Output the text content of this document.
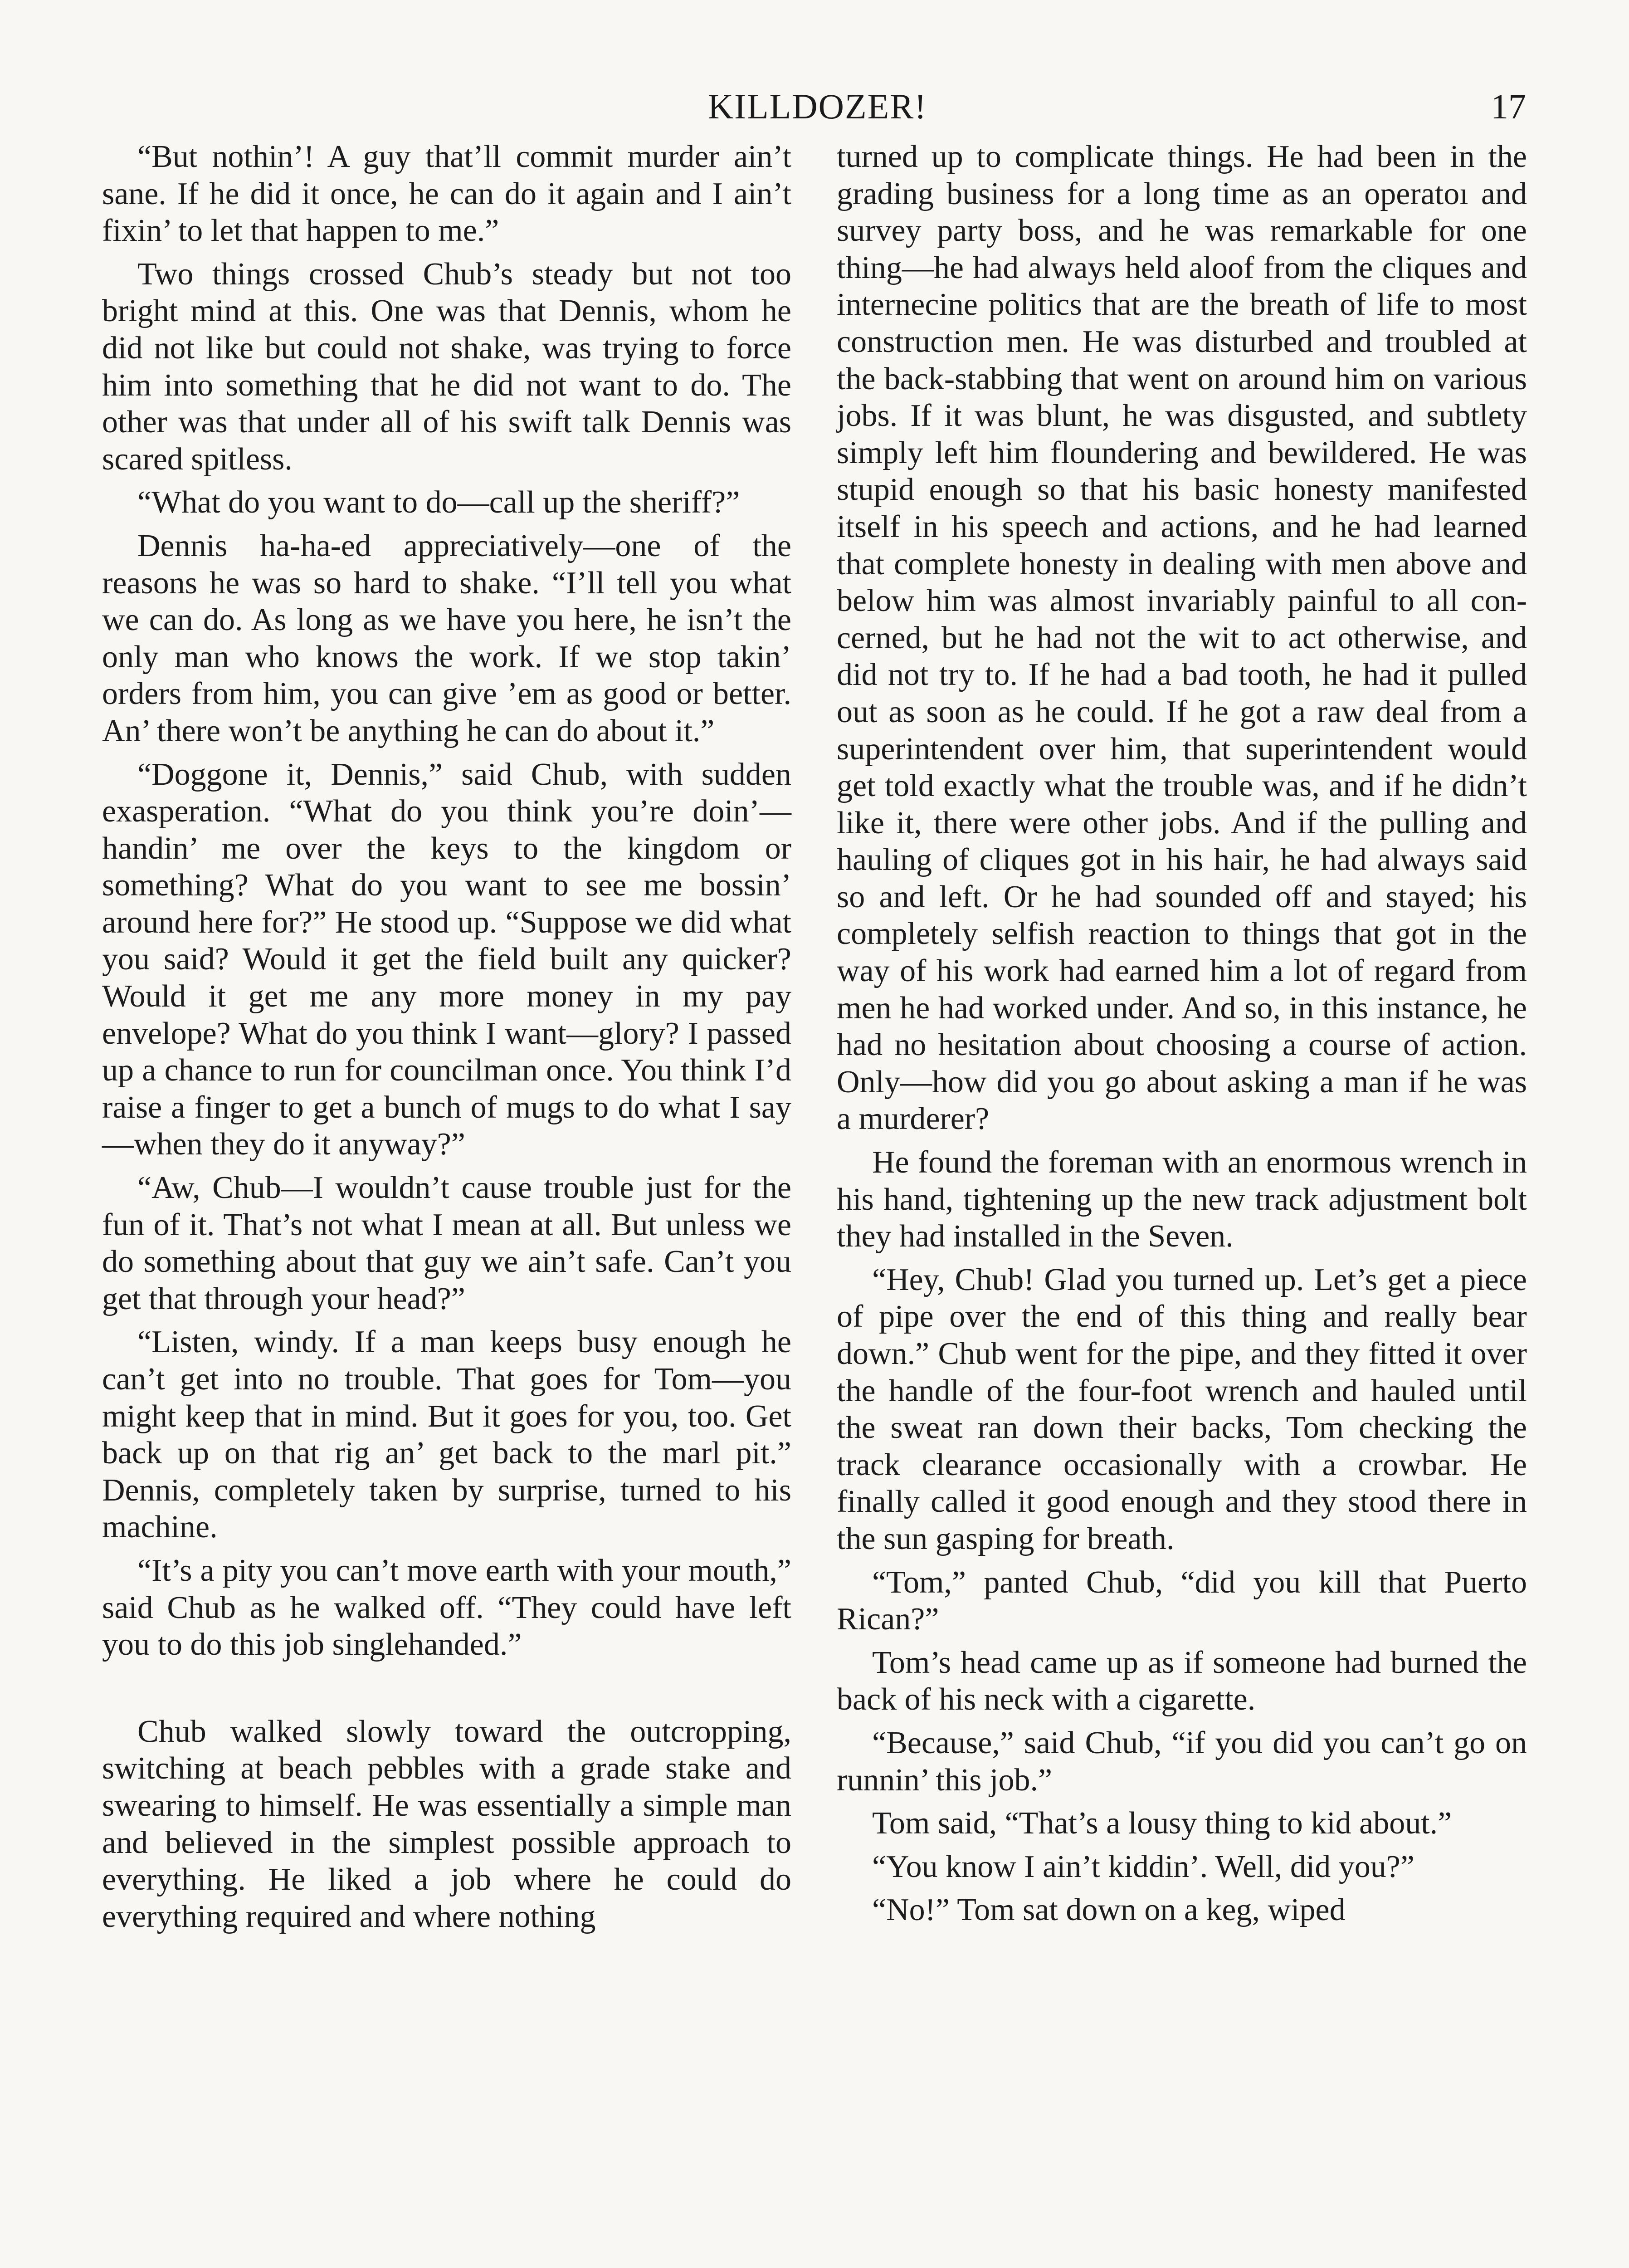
KILLDOZER!	17

“But nothin’! A guy that’ll commit murder ain’t sane. If he did it once, he can do it again and I ain’t fixin’ to let that happen to me.”

Two things crossed Chub’s steady but not too bright mind at this. One was that Dennis, whom he did not like but could not shake, was trying to force him into something that he did not want to do. The other was that under all of his swift talk Dennis was scared spitless.

“What do you want to do—call up the sheriff?”

Dennis ha-ha-ed appreciatively—one of the reasons he was so hard to shake. “I’ll tell you what we can do. As long as we have you here, he isn’t the only man who knows the work. If we stop takin’ orders from him, you can give ’em as good or better. An’ there won’t be anything he can do about it.”

“Doggone it, Dennis,” said Chub, with sudden exasperation. “What do you think you’re doin’—handin’ me over the keys to the kingdom or something? What do you want to see me bossin’ around here for?” He stood up. “Suppose we did what you said? Would it get the field built any quicker? Would it get me any more money in my pay envelope? What do you think I want—glory? I passed up a chance to run for councilman once. You think I’d raise a finger to get a bunch of mugs to do what I say—when they do it anyway?”

“Aw, Chub—I wouldn’t cause trouble just for the fun of it. That’s not what I mean at all. But unless we do something about that guy we ain’t safe. Can’t you get that through your head?”

“Listen, windy. If a man keeps busy enough he can’t get into no trouble. That goes for Tom—you might keep that in mind. But it goes for you, too. Get back up on that rig an’ get back to the marl pit.” Dennis, completely taken by surprise, turned to his machine.

“It’s a pity you can’t move earth with your mouth,” said Chub as he walked off. “They could have left you to do this job singlehanded.”

Chub walked slowly toward the outcropping, switching at beach pebbles with a grade stake and swearing to himself. He was essentially a simple man and believed in the simplest possible approach to everything. He liked a job where he could do everything required and where nothing

turned up to complicate things. He had been in the grading business for a long time as an operatoı and survey party boss, and he was remarkable for one thing—he had always held aloof from the cliques and internecine politics that are the breath of life to most construction men. He was disturbed and troubled at the back-stabbing that went on around him on various jobs. If it was blunt, he was disgusted, and subtlety simply left him floundering and bewildered. He was stupid enough so that his basic honesty manifested itself in his speech and actions, and he had learned that complete honesty in dealing with men above and below him was almost invariably painful to all concerned, but he had not the wit to act otherwise, and did not try to. If he had a bad tooth, he had it pulled out as soon as he could. If he got a raw deal from a superintendent over him, that superintendent would get told exactly what the trouble was, and if he didn’t like it, there were other jobs. And if the pulling and hauling of cliques got in his hair, he had always said so and left. Or he had sounded off and stayed; his completely selfish reaction to things that got in the way of his work had earned him a lot of regard from men he had worked under. And so, in this instance, he had no hesitation about choosing a course of action. Only—how did you go about asking a man if he was a murderer?

He found the foreman with an enormous wrench in his hand, tightening up the new track adjustment bolt they had installed in the Seven.

“Hey, Chub! Glad you turned up. Let’s get a piece of pipe over the end of this thing and really bear down.” Chub went for the pipe, and they fitted it over the handle of the four-foot wrench and hauled until the sweat ran down their backs, Tom checking the track clearance occasionally with a crowbar. He finally called it good enough and they stood there in the sun gasping for breath.

“Tom,” panted Chub, “did you kill that Puerto Rican?”

Tom’s head came up as if someone had burned the back of his neck with a cigarette.

“Because,” said Chub, “if you did you can’t go on runnin’ this job.”

Tom said, “That’s a lousy thing to kid about.”

“You know I ain’t kiddin’. Well, did you?”

“No!” Tom sat down on a keg, wiped
